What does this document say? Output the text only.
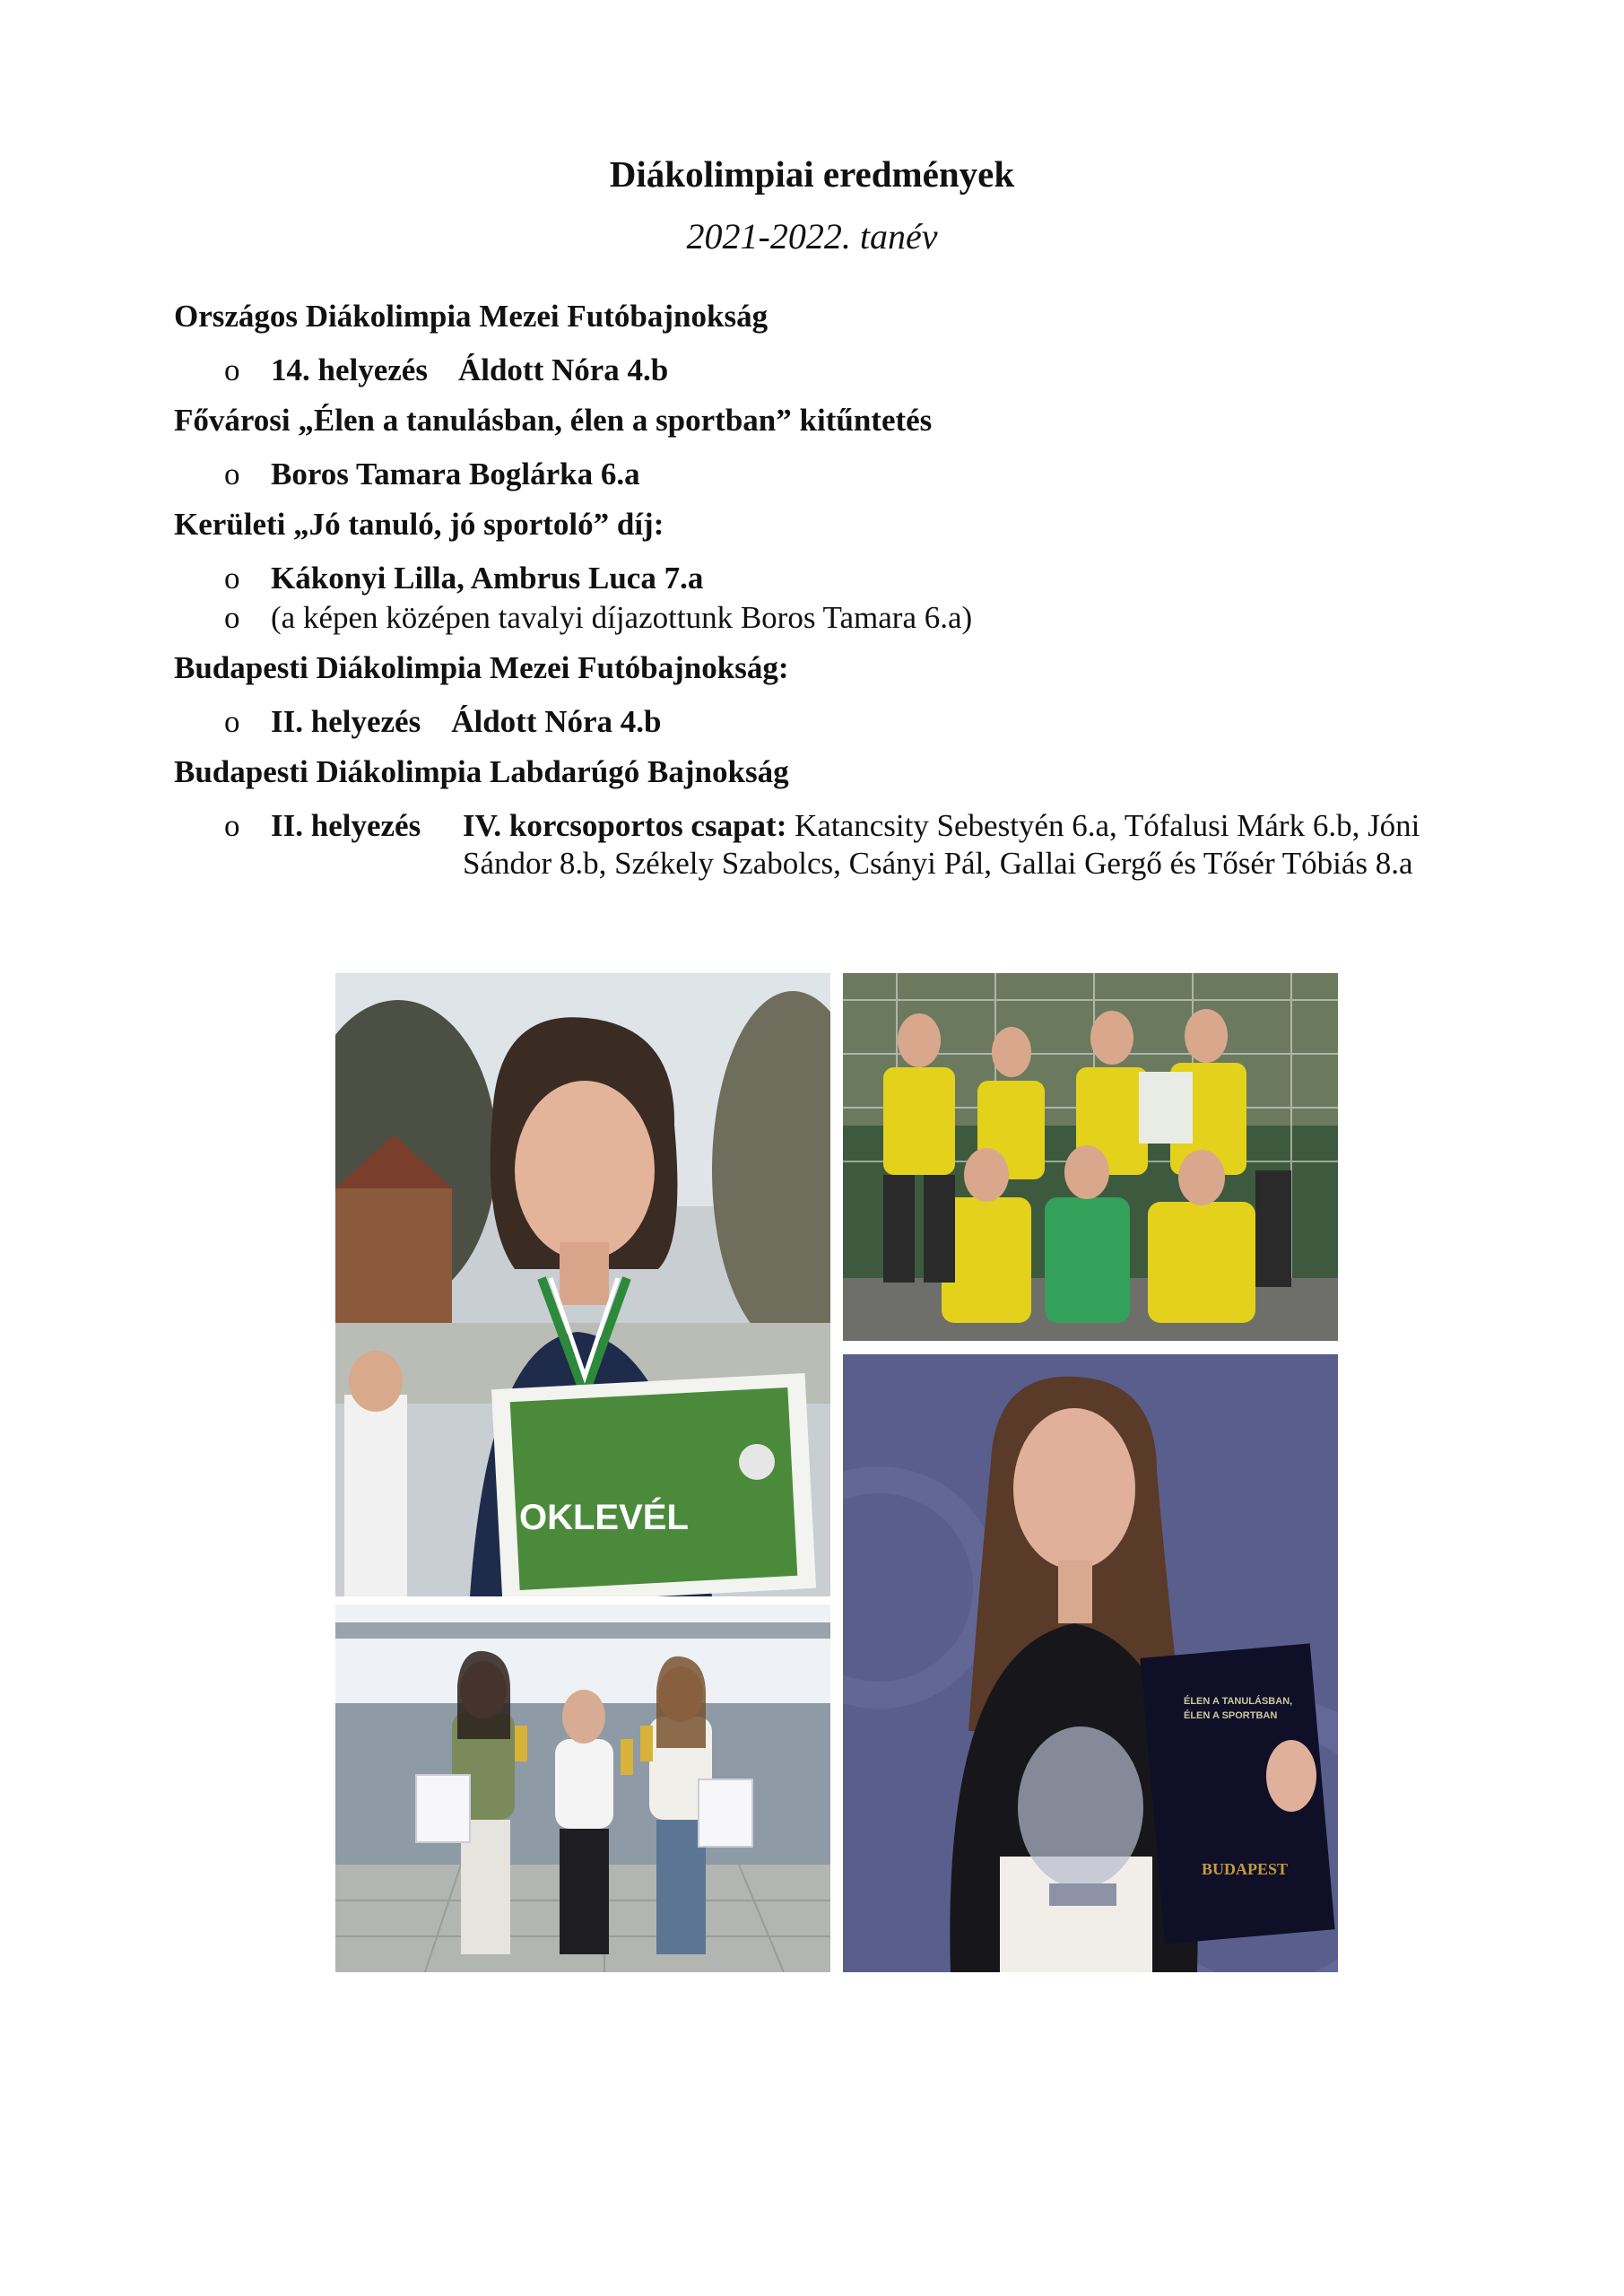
Diákolimpiai eredmények
2021-2022. tanév

Országos Diákolimpia Mezei Futóbajnokság

o 14. helyezés Áldott Nóra 4.b

Fővárosi „Élen a tanulásban, élen a sportban” kitűntetés

o Boros Tamara Boglárka 6.a

Kerületi „Jó tanuló, jó sportoló” díj:

o Kákonyi Lilla, Ambrus Luca 7.a
o (a képen középen tavalyi díjazottunk Boros Tamara 6.a)

Budapesti Diákolimpia Mezei Futóbajnokság:

o II. helyezés Áldott Nóra 4.b

Budapesti Diákolimpia Labdarúgó Bajnokság

o II. helyezés	IV. korcsoportos csapat: Katancsity Sebestyén 6.a, Tófalusi Márk 6.b, Jóni Sándor 8.b, Székely Szabolcs, Csányi Pál, Gallai Gergő és Tősér Tóbiás 8.a
OKLEVÉL
ÉLEN A TANULÁSBAN,
ÉLEN A SPORTBAN
BUDAPEST
